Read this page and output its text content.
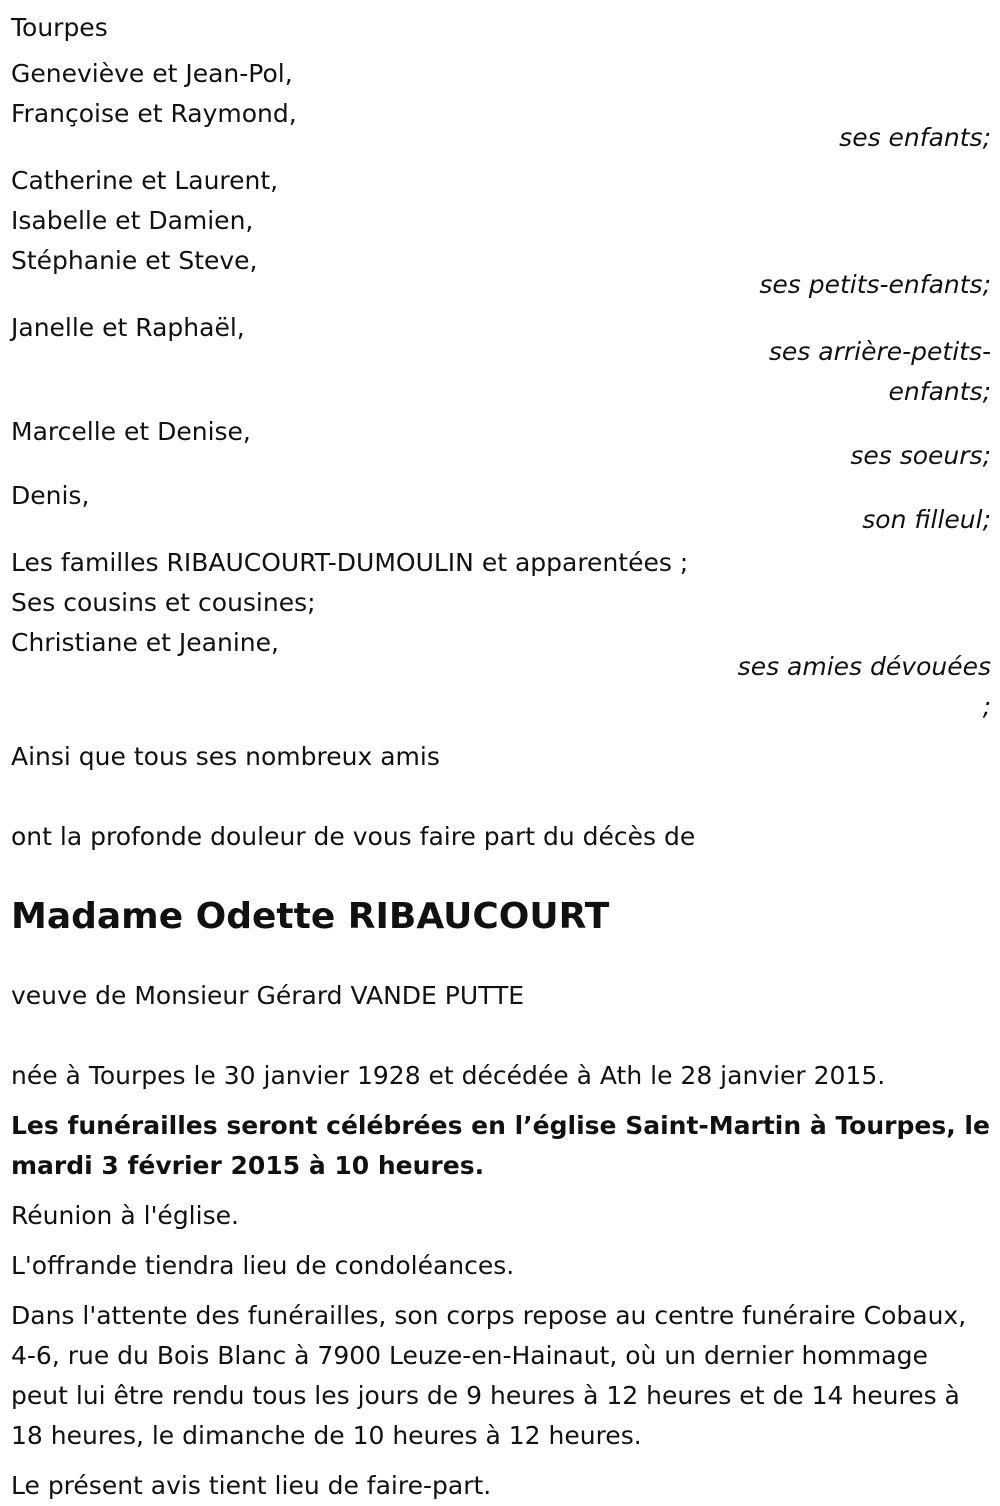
Tourpes
Geneviève et Jean-Pol,
Françoise et Raymond,
ses enfants;
Catherine et Laurent,
Isabelle et Damien,
Stéphanie et Steve,
ses petits-enfants;
Janelle et Raphaël,
ses arrière-petits-
enfants;
Marcelle et Denise,
ses soeurs;
Denis,
son filleul;
Les familles RIBAUCOURT-DUMOULIN et apparentées ;
Ses cousins et cousines;
Christiane et Jeanine,
ses amies dévouées
;
Ainsi que tous ses nombreux amis
ont la profonde douleur de vous faire part du décès de
Madame Odette RIBAUCOURT
veuve de Monsieur Gérard VANDE PUTTE
née à Tourpes le 30 janvier 1928 et décédée à Ath le 28 janvier 2015.
Les funérailles seront célébrées en l’église Saint-Martin à Tourpes, le mardi 3 février 2015 à 10 heures.
Réunion à l'église.
L'offrande tiendra lieu de condoléances.
Dans l'attente des funérailles, son corps repose au centre funéraire Cobaux, 4-6, rue du Bois Blanc à 7900 Leuze-en-Hainaut, où un dernier hommage peut lui être rendu tous les jours de 9 heures à 12 heures et de 14 heures à 18 heures, le dimanche de 10 heures à 12 heures.
Le présent avis tient lieu de faire-part.
